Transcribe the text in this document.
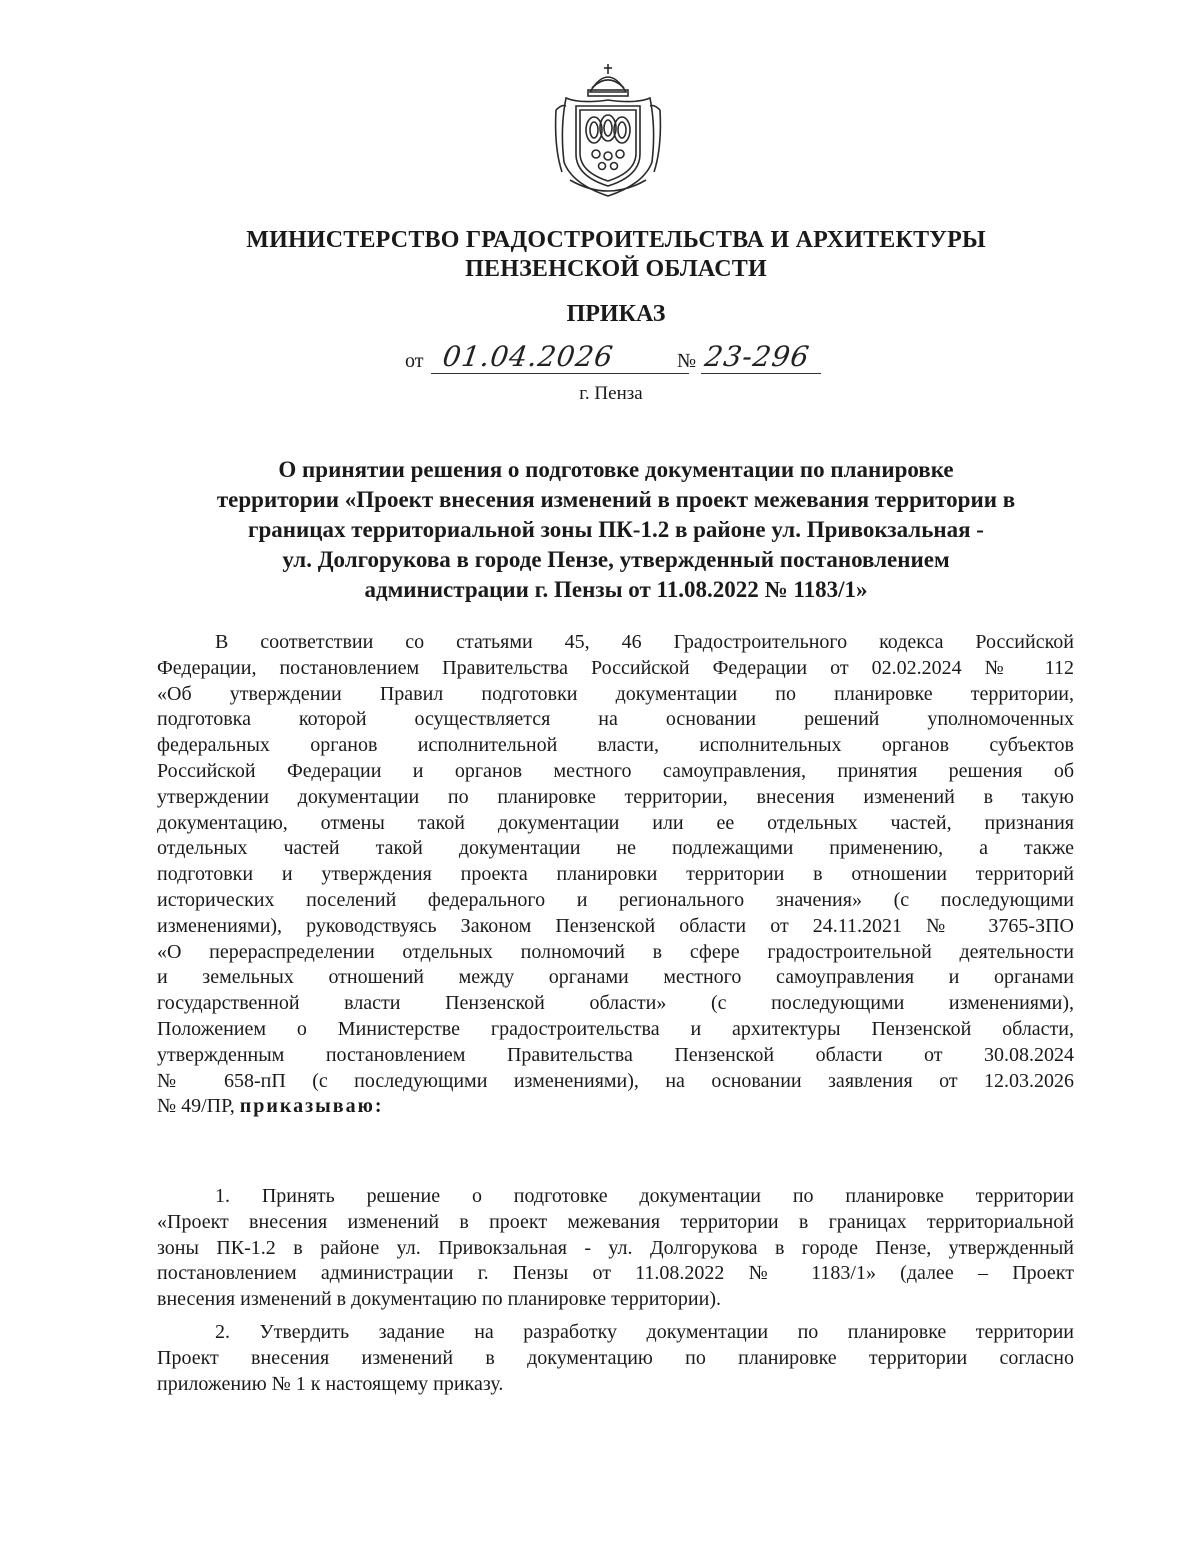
МИНИСТЕРСТВО ГРАДОСТРОИТЕЛЬСТВА И АРХИТЕКТУРЫ
ПЕНЗЕНСКОЙ ОБЛАСТИ
ПРИКАЗ
от 01.04.2026	№ 23-296
г. Пенза
О принятии решения о подготовке документации по планировке
территории «Проект внесения изменений в проект межевания территории в
границах территориальной зоны ПК-1.2 в районе ул. Привокзальная -
ул. Долгорукова в городе Пензе, утвержденный постановлением
администрации г. Пензы от 11.08.2022 № 1183/1»
В соответствии со статьями 45, 46 Градостроительного кодекса Российской
Федерации, постановлением Правительства Российской Федерации от 02.02.2024 № 112
«Об утверждении Правил подготовки документации по планировке территории,
подготовка которой осуществляется на основании решений уполномоченных
федеральных органов исполнительной власти, исполнительных органов субъектов
Российской Федерации и органов местного самоуправления, принятия решения об
утверждении документации по планировке территории, внесения изменений в такую
документацию, отмены такой документации или ее отдельных частей, признания
отдельных частей такой документации не подлежащими применению, а также
подготовки и утверждения проекта планировки территории в отношении территорий
исторических поселений федерального и регионального значения» (с последующими
изменениями), руководствуясь Законом Пензенской области от 24.11.2021 № 3765-ЗПО
«О перераспределении отдельных полномочий в сфере градостроительной деятельности
и земельных отношений между органами местного самоуправления и органами
государственной власти Пензенской области» (с последующими изменениями),
Положением о Министерстве градостроительства и архитектуры Пензенской области,
утвержденным постановлением Правительства Пензенской области от 30.08.2024
№ 658-пП (с последующими изменениями), на основании заявления от 12.03.2026
№ 49/ПР, приказываю:
1. Принять решение о подготовке документации по планировке территории
«Проект внесения изменений в проект межевания территории в границах территориальной
зоны ПК-1.2 в районе ул. Привокзальная - ул. Долгорукова в городе Пензе, утвержденный
постановлением администрации г. Пензы от 11.08.2022 № 1183/1» (далее – Проект
внесения изменений в документацию по планировке территории).
2. Утвердить задание на разработку документации по планировке территории
Проект внесения изменений в документацию по планировке территории согласно
приложению № 1 к настоящему приказу.
